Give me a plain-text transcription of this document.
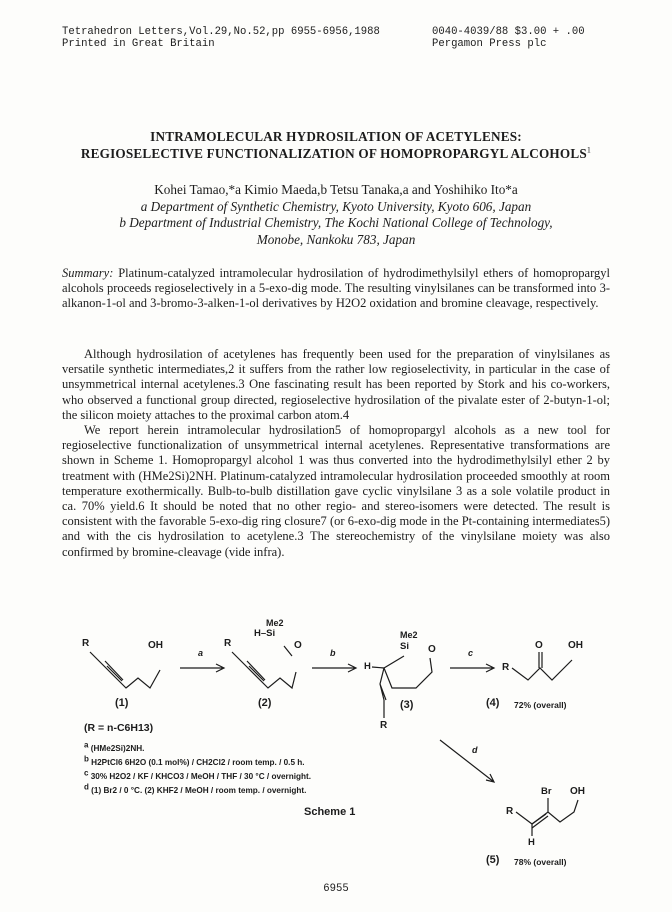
Tetrahedron Letters,Vol.29,No.52,pp 6955-6956,1988
Printed in Great Britain
0040-4039/88 $3.00 + .00
Pergamon Press plc
INTRAMOLECULAR HYDROSILATION OF ACETYLENES:
REGIOSELECTIVE FUNCTIONALIZATION OF HOMOPROPARGYL ALCOHOLS$^1$
Kohei Tamao,*a Kimio Maeda,b Tetsu Tanaka,a and Yoshihiko Ito*a
a Department of Synthetic Chemistry, Kyoto University, Kyoto 606, Japan
b Department of Industrial Chemistry, The Kochi National College of Technology,
Monobe, Nankoku 783, Japan
Summary: Platinum-catalyzed intramolecular hydrosilation of hydrodimethylsilyl ethers of homopropargyl alcohols proceeds regioselectively in a 5-exo-dig mode. The resulting vinylsilanes can be transformed into 3-alkanon-1-ol and 3-bromo-3-alken-1-ol derivatives by H2O2 oxidation and bromine cleavage, respectively.

Although hydrosilation of acetylenes has frequently been used for the preparation of vinylsilanes as versatile synthetic intermediates,2 it suffers from the rather low regioselectivity, in particular in the case of unsymmetrical internal acetylenes.3 One fascinating result has been reported by Stork and his co-workers, who observed a functional group directed, regioselective hydrosilation of the pivalate ester of 2-butyn-1-ol; the silicon moiety attaches to the proximal carbon atom.4

We report herein intramolecular hydrosilation5 of homopropargyl alcohols as a new tool for regioselective functionalization of unsymmetrical internal acetylenes. Representative transformations are shown in Scheme 1. Homopropargyl alcohol 1 was thus converted into the hydrodimethylsilyl ether 2 by treatment with (HMe2Si)2NH. Platinum-catalyzed intramolecular hydrosilation proceeded smoothly at room temperature exothermically. Bulb-to-bulb distillation gave cyclic vinylsilane 3 as a sole volatile product in ca. 70% yield.6 It should be noted that no other regio- and stereo-isomers were detected. The result is consistent with the favorable 5-exo-dig ring closure7 (or 6-exo-dig mode in the Pt-containing intermediates5) and with the cis hydrosilation to acetylene.3 The stereochemistry of the vinylsilane moiety was also confirmed by bromine-cleavage (vide infra).

R	OH	R
Me2
H–Si
O
Me2
Si O
H
R
R
O	OH
Br OH
R
H
a	b	c
d
(1)	(2)	(3)	(4) 72% (overall)
(5) 78% (overall)
(R = n-C6H13)
$^a$ (HMe2Si)2NH.
$^b$ H2PtCl6 6H2O (0.1 mol%) / CH2Cl2 / room temp. / 0.5 h.
$^c$ 30% H2O2 / KF / KHCO3 / MeOH / THF / 30 °C / overnight.
$^d$ (1) Br2 / 0 °C. (2) KHF2 / MeOH / room temp. / overnight.
Scheme 1
6955
